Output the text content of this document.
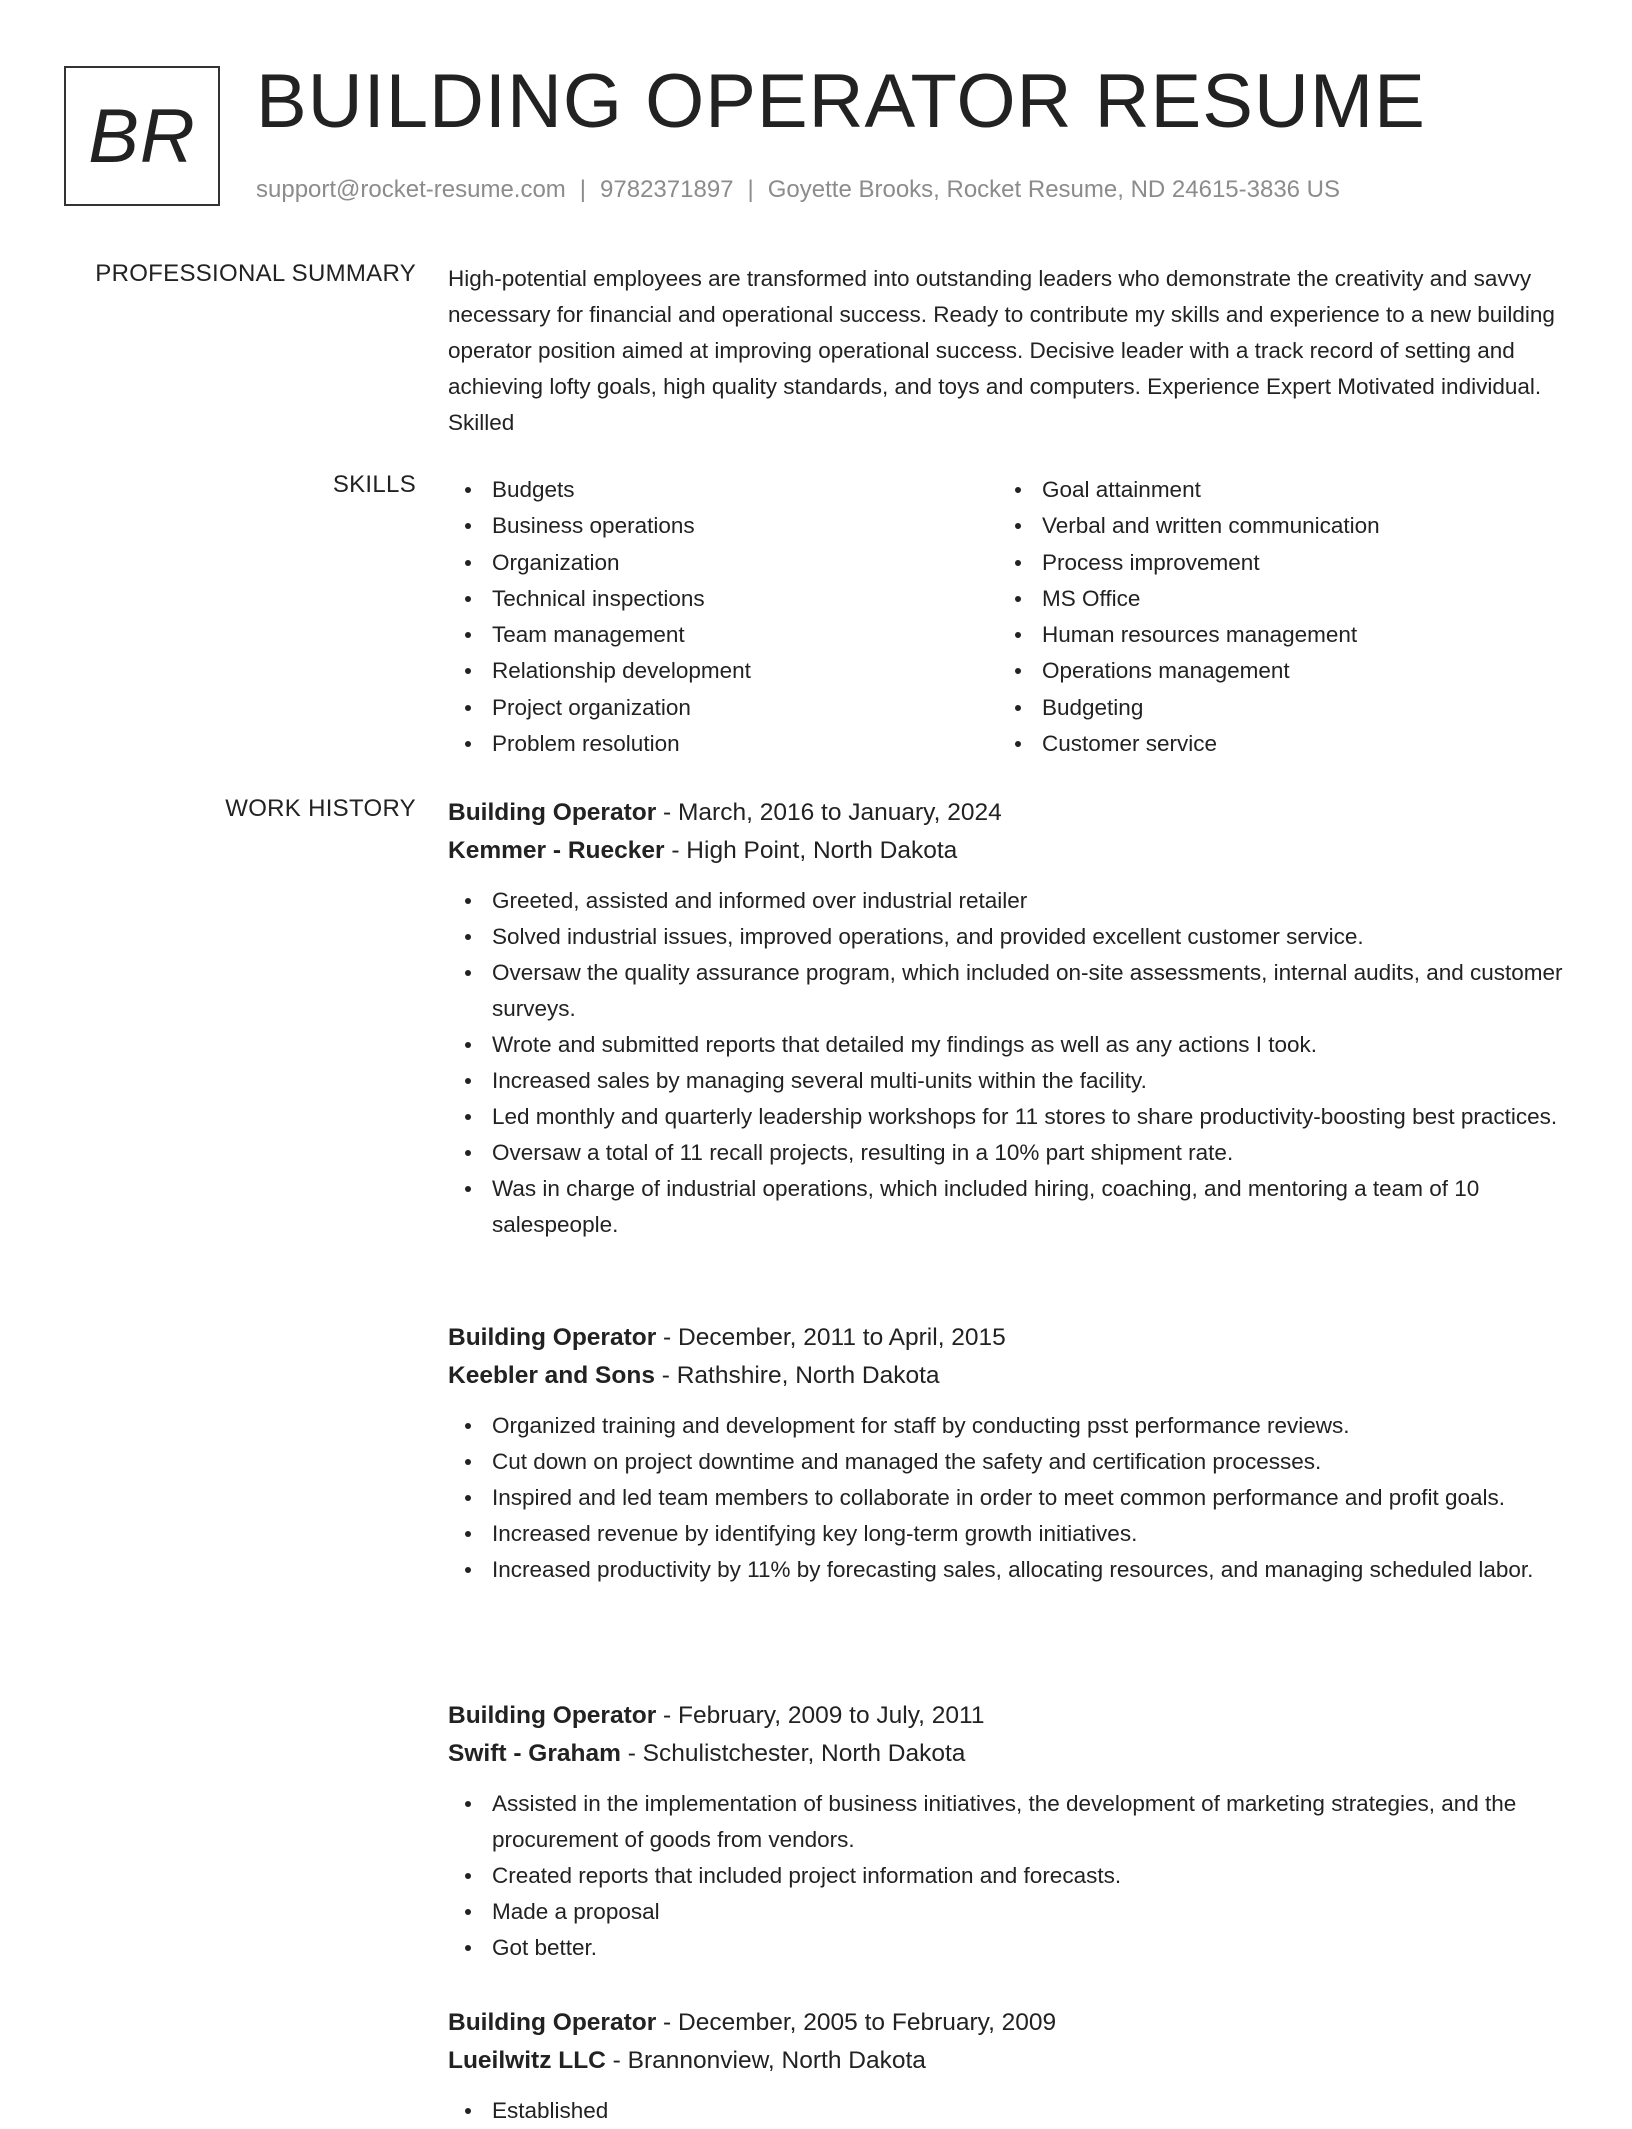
BR BUILDING OPERATOR RESUME
support@rocket-resume.com | 9782371897 | Goyette Brooks, Rocket Resume, ND 24615-3836 US
PROFESSIONAL SUMMARY High-potential employees are transformed into outstanding leaders who demonstrate the creativity and savvy necessary for financial and operational success. Ready to contribute my skills and experience to a new building operator position aimed at improving operational success. Decisive leader with a track record of setting and achieving lofty goals, high quality standards, and toys and computers. Experience Expert Motivated individual. Skilled
SKILLS	Budgets
Business operations
Organization
Technical inspections
Team management
Relationship development
Project organization
Problem resolution
Goal attainment
Verbal and written communication
Process improvement
MS Office
Human resources management
Operations management
Budgeting
Customer service
WORK HISTORY Building Operator - March, 2016 to January, 2024
Kemmer - Ruecker - High Point, North Dakota
Greeted, assisted and informed over industrial retailer
Solved industrial issues, improved operations, and provided excellent customer service.
Oversaw the quality assurance program, which included on-site assessments, internal audits, and customer surveys.
Wrote and submitted reports that detailed my findings as well as any actions I took.
Increased sales by managing several multi-units within the facility.
Led monthly and quarterly leadership workshops for 11 stores to share productivity-boosting best practices.
Oversaw a total of 11 recall projects, resulting in a 10% part shipment rate.
Was in charge of industrial operations, which included hiring, coaching, and mentoring a team of 10 salespeople.
Building Operator - December, 2011 to April, 2015
Keebler and Sons - Rathshire, North Dakota
Organized training and development for staff by conducting psst performance reviews.
Cut down on project downtime and managed the safety and certification processes.
Inspired and led team members to collaborate in order to meet common performance and profit goals.
Increased revenue by identifying key long-term growth initiatives.
Increased productivity by 11% by forecasting sales, allocating resources, and managing scheduled labor.
Building Operator - February, 2009 to July, 2011
Swift - Graham - Schulistchester, North Dakota
Assisted in the implementation of business initiatives, the development of marketing strategies, and the procurement of goods from vendors.
Created reports that included project information and forecasts.
Made a proposal
Got better.
Building Operator - December, 2005 to February, 2009
Lueilwitz LLC - Brannonview, North Dakota
Established
